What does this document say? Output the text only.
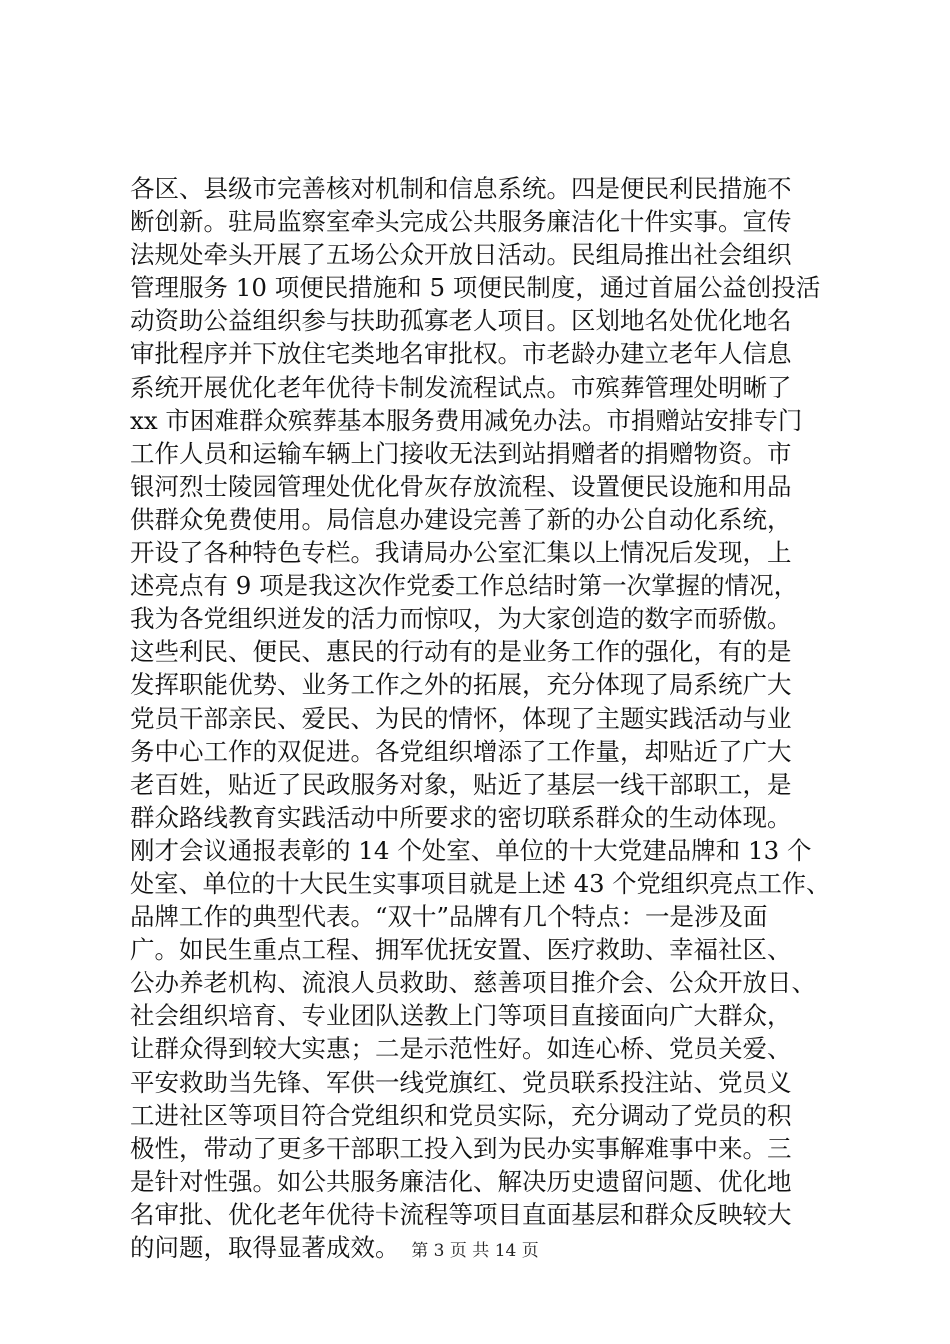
各区、县级市完善核对机制和信息系统。四是便民利民措施不
断创新。驻局监察室牵头完成公共服务廉洁化十件实事。宣传
法规处牵头开展了五场公众开放日活动。民组局推出社会组织
管理服务 10 项便民措施和 5 项便民制度，通过首届公益创投活
动资助公益组织参与扶助孤寡老人项目。区划地名处优化地名
审批程序并下放住宅类地名审批权。市老龄办建立老年人信息
系统开展优化老年优待卡制发流程试点。市殡葬管理处明晰了
xx 市困难群众殡葬基本服务费用减免办法。市捐赠站安排专门
工作人员和运输车辆上门接收无法到站捐赠者的捐赠物资。市
银河烈士陵园管理处优化骨灰存放流程、设置便民设施和用品
供群众免费使用。局信息办建设完善了新的办公自动化系统，
开设了各种特色专栏。我请局办公室汇集以上情况后发现，上
述亮点有 9 项是我这次作党委工作总结时第一次掌握的情况，
我为各党组织迸发的活力而惊叹，为大家创造的数字而骄傲。
这些利民、便民、惠民的行动有的是业务工作的强化，有的是
发挥职能优势、业务工作之外的拓展，充分体现了局系统广大
党员干部亲民、爱民、为民的情怀，体现了主题实践活动与业
务中心工作的双促进。各党组织增添了工作量，却贴近了广大
老百姓，贴近了民政服务对象，贴近了基层一线干部职工，是
群众路线教育实践活动中所要求的密切联系群众的生动体现。
刚才会议通报表彰的 14 个处室、单位的十大党建品牌和 13 个
处室、单位的十大民生实事项目就是上述 43 个党组织亮点工作、
品牌工作的典型代表。“双十”品牌有几个特点：一是涉及面
广。如民生重点工程、拥军优抚安置、医疗救助、幸福社区、
公办养老机构、流浪人员救助、慈善项目推介会、公众开放日、
社会组织培育、专业团队送教上门等项目直接面向广大群众，
让群众得到较大实惠；二是示范性好。如连心桥、党员关爱、
平安救助当先锋、军供一线党旗红、党员联系投注站、党员义
工进社区等项目符合党组织和党员实际，充分调动了党员的积
极性，带动了更多干部职工投入到为民办实事解难事中来。三
是针对性强。如公共服务廉洁化、解决历史遗留问题、优化地
名审批、优化老年优待卡流程等项目直面基层和群众反映较大
的问题，取得显著成效。 第 3 页 共 14 页
